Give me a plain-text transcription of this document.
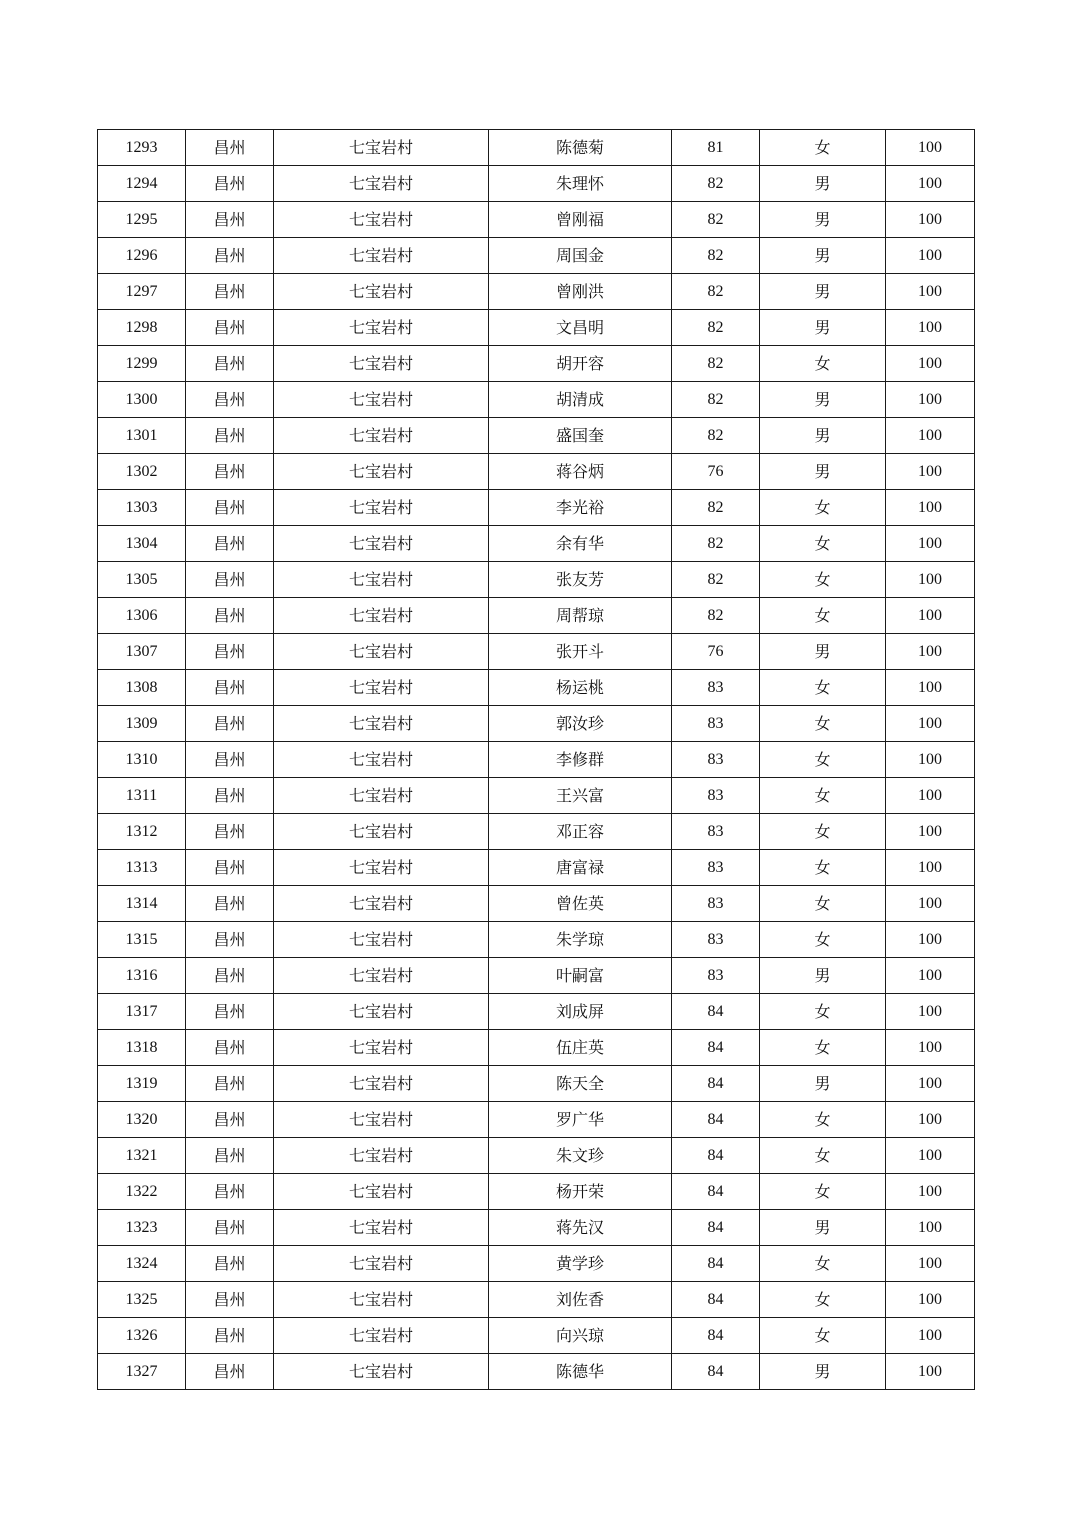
1293	昌州	七宝岩村	陈德菊	81	女	100
1294	昌州	七宝岩村	朱理怀	82	男	100
1295	昌州	七宝岩村	曾刚福	82	男	100
1296	昌州	七宝岩村	周国金	82	男	100
1297	昌州	七宝岩村	曾刚洪	82	男	100
1298	昌州	七宝岩村	文昌明	82	男	100
1299	昌州	七宝岩村	胡开容	82	女	100
1300	昌州	七宝岩村	胡清成	82	男	100
1301	昌州	七宝岩村	盛国奎	82	男	100
1302	昌州	七宝岩村	蒋谷炳	76	男	100
1303	昌州	七宝岩村	李光裕	82	女	100
1304	昌州	七宝岩村	余有华	82	女	100
1305	昌州	七宝岩村	张友芳	82	女	100
1306	昌州	七宝岩村	周帮琼	82	女	100
1307	昌州	七宝岩村	张开斗	76	男	100
1308	昌州	七宝岩村	杨运桃	83	女	100
1309	昌州	七宝岩村	郭汝珍	83	女	100
1310	昌州	七宝岩村	李修群	83	女	100
1311	昌州	七宝岩村	王兴富	83	女	100
1312	昌州	七宝岩村	邓正容	83	女	100
1313	昌州	七宝岩村	唐富禄	83	女	100
1314	昌州	七宝岩村	曾佐英	83	女	100
1315	昌州	七宝岩村	朱学琼	83	女	100
1316	昌州	七宝岩村	叶嗣富	83	男	100
1317	昌州	七宝岩村	刘成屏	84	女	100
1318	昌州	七宝岩村	伍庄英	84	女	100
1319	昌州	七宝岩村	陈天全	84	男	100
1320	昌州	七宝岩村	罗广华	84	女	100
1321	昌州	七宝岩村	朱文珍	84	女	100
1322	昌州	七宝岩村	杨开荣	84	女	100
1323	昌州	七宝岩村	蒋先汉	84	男	100
1324	昌州	七宝岩村	黄学珍	84	女	100
1325	昌州	七宝岩村	刘佐香	84	女	100
1326	昌州	七宝岩村	向兴琼	84	女	100
1327	昌州	七宝岩村	陈德华	84	男	100
